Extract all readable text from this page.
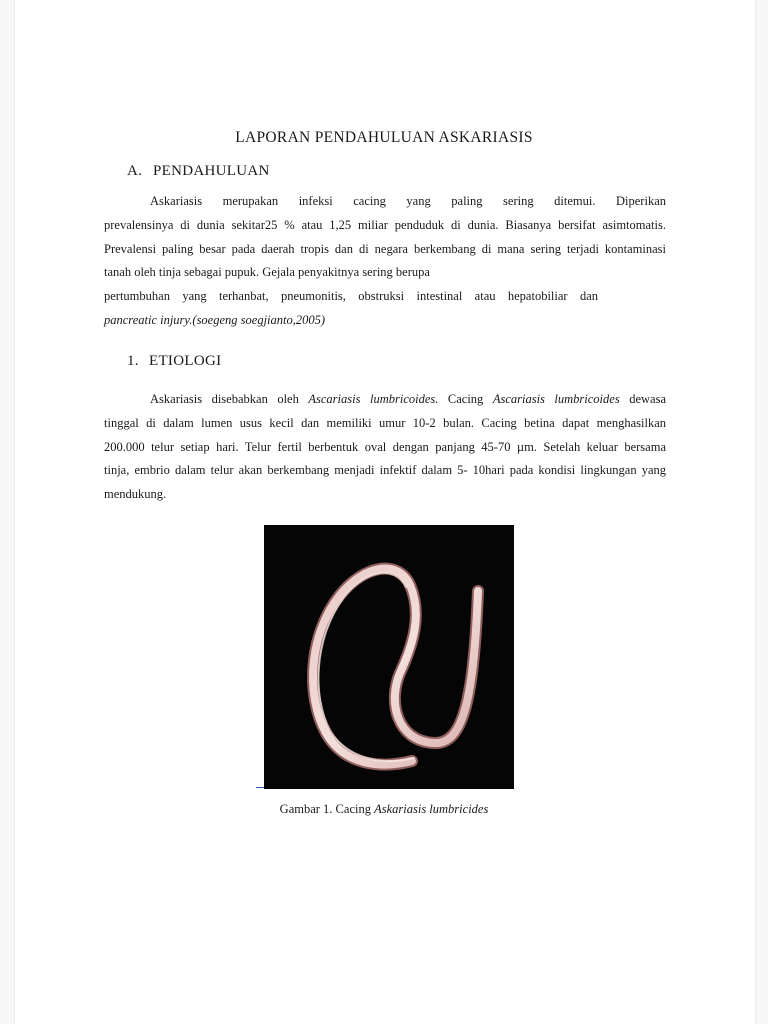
LAPORAN PENDAHULUAN ASKARIASIS
A. PENDAHULUAN
Askariasis merupakan infeksi cacing yang paling sering ditemui. Diperikan
prevalensinya di dunia sekitar25 % atau 1,25 miliar penduduk di dunia. Biasanya bersifat asimtomatis.
Prevalensi paling besar pada daerah tropis dan di negara berkembang di mana sering terjadi kontaminasi
tanah oleh tinja sebagai pupuk. Gejala penyakitnya sering berupa
pertumbuhan yang terhanbat, pneumonitis, obstruksi intestinal atau hepatobiliar dan
pancreatic injury.(soegeng soegjianto,2005)
1. ETIOLOGI
Askariasis disebabkan oleh Ascariasis lumbricoides. Cacing Ascariasis lumbricoides dewasa
tinggal di dalam lumen usus kecil dan memiliki umur 10-2 bulan. Cacing betina dapat menghasilkan
200.000 telur setiap hari. Telur fertil berbentuk oval dengan panjang 45-70 µm. Setelah keluar bersama
tinja, embrio dalam telur akan berkembang menjadi infektif dalam 5- 10hari pada kondisi lingkungan yang
mendukung.
Gambar 1. Cacing Askariasis lumbricides
